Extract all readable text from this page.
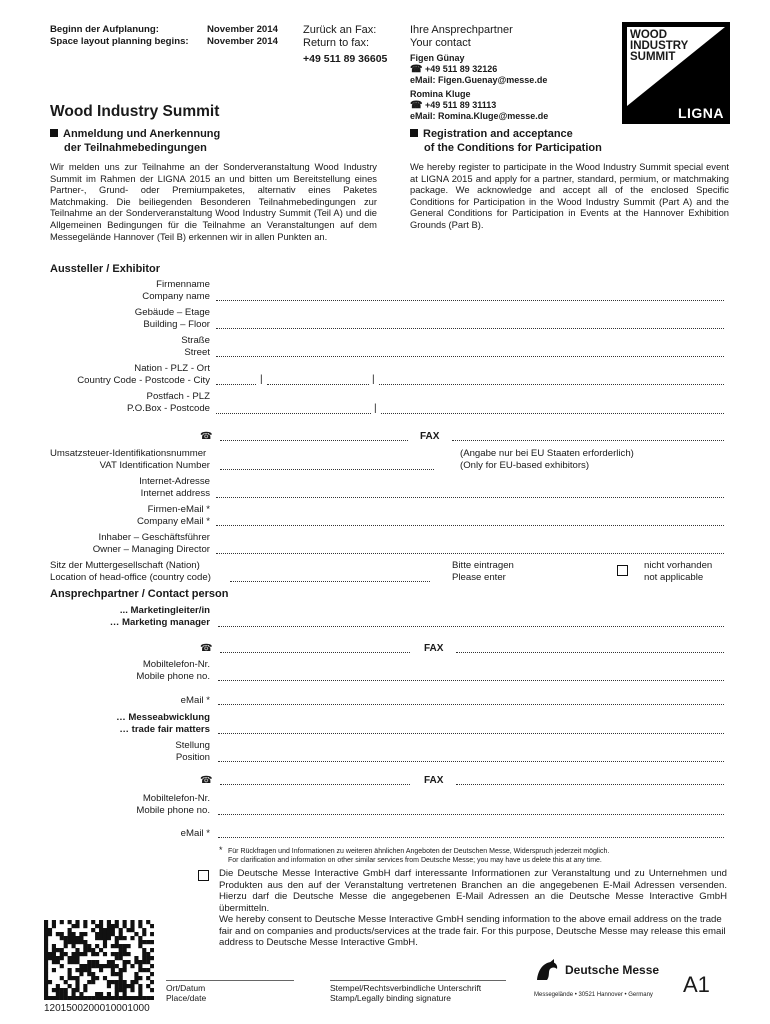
Beginn der Aufplanung:	November 2014
Space layout planning begins: November 2014
Zurück an Fax:
Return to fax:
+49 511 89 36605
Ihre Ansprechpartner
Your contact
Figen Günay
☎ +49 511 89 32126
eMail: Figen.Guenay@messe.de
Romina Kluge
☎ +49 511 89 31113
eMail: Romina.Kluge@messe.de
WOOD
INDUSTRY
SUMMIT
LIGNA
Wood Industry Summit
Anmeldung und Anerkennung
der Teilnahmebedingungen
Wir melden uns zur Teilnahme an der Sonderveranstaltung Wood Industry Summit im Rahmen der LIGNA 2015 an und bitten um Bereitstellung eines Partner-, Grund- oder Premiumpaketes, alternativ eines Paketes Matchmaking. Die beiliegenden Besonderen Teilnahmebedingungen zur Teilnahme an der Sonderveranstaltung Wood Industry Summit (Teil A) und die Allgemeinen Bedingungen für die Teilnahme an Veranstaltungen auf dem Messegelände Hannover (Teil B) erkennen wir in allen Punkten an.
Registration and acceptance
of the Conditions for Participation
We hereby register to participate in the Wood Industry Summit special event at LIGNA 2015 and apply for a partner, standard, permium, or matchmaking package. We acknowledge and accept all of the enclosed Specific Conditions for Participation in the Wood Industry Summit (Part A) and the General Conditions for Participation in Events at the Hannover Exhibition Grounds (Part B).
Aussteller / Exhibitor
Firmenname
Company name
Gebäude – Etage
Building – Floor
Straße
Street
Nation - PLZ - Ort
Country Code - Postcode - City	|	|
Postfach - PLZ
P.O.Box - Postcode	|
☎	FAX
Umsatzsteuer-Identifikationsnummer
VAT Identification Number
(Angabe nur bei EU Staaten erforderlich)
(Only for EU-based exhibitors)
Internet-Adresse
Internet address
Firmen-eMail *
Company eMail *
Inhaber – Geschäftsführer
Owner – Managing Director
Sitz der Muttergesellschaft (Nation)
Location of head-office (country code)
Bitte eintragen
Please enter
nicht vorhanden
not applicable
Ansprechpartner / Contact person
... Marketingleiter/in
… Marketing manager
☎	FAX
Mobiltelefon-Nr.
Mobile phone no.
eMail *
… Messeabwicklung
… trade fair matters
Stellung
Position
☎	FAX
Mobiltelefon-Nr.
Mobile phone no.
eMail *
* Für Rückfragen und Informationen zu weiteren ähnlichen Angeboten der Deutschen Messe, Widerspruch jederzeit möglich.
For clarification and information on other similar services from Deutsche Messe; you may have us delete this at any time.
Die Deutsche Messe Interactive GmbH darf interessante Informationen zur Veranstaltung und zu Unternehmen und Produkten aus den auf der Veranstaltung vertretenen Branchen an die angegebenen E-Mail Adressen versenden. Hierzu darf die Deutsche Messe die angegebenen E-Mail Adressen an die Deutsche Messe Interactive GmbH übermitteln.
We hereby consent to Deutsche Messe Interactive GmbH sending information to the above email address on the trade fair and on companies and products/services at the trade fair. For this purpose, Deutsche Messe may release this email address to Deutsche Messe Interactive GmbH.
Ort/Datum
Place/date
Stempel/Rechtsverbindliche Unterschrift
Stamp/Legally binding signature
Deutsche Messe
Messegelände • 30521 Hannover • Germany A1
1201500200010001000
